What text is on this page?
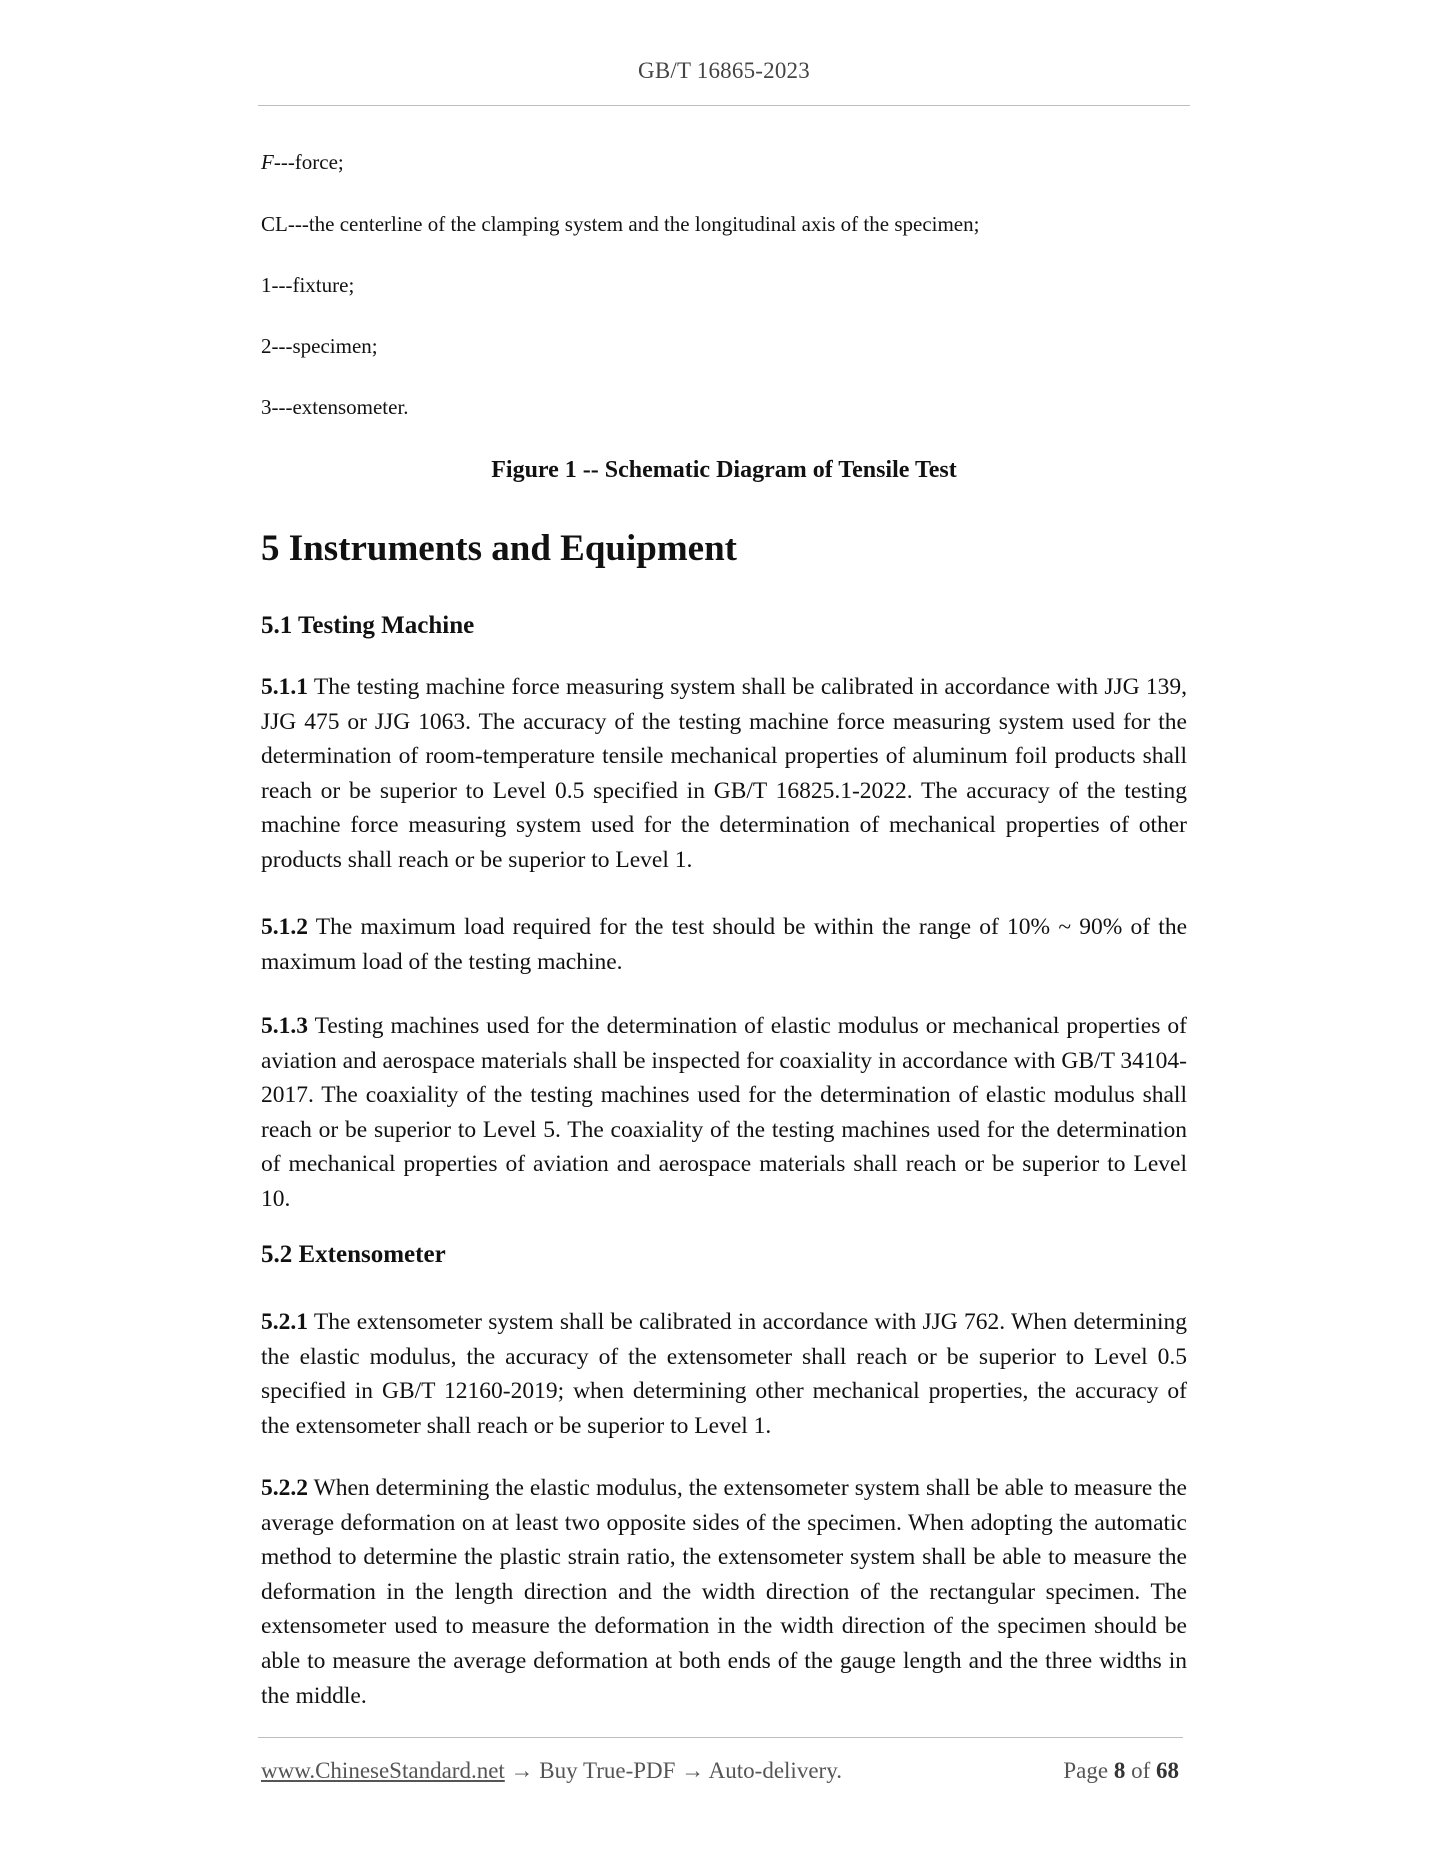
GB/T 16865-2023
F---force;
CL---the centerline of the clamping system and the longitudinal axis of the specimen;
1---fixture;
2---specimen;
3---extensometer.
Figure 1 -- Schematic Diagram of Tensile Test
5 Instruments and Equipment
5.1 Testing Machine
5.1.1 The testing machine force measuring system shall be calibrated in accordance with JJG 139, JJG 475 or JJG 1063. The accuracy of the testing machine force measuring system used for the determination of room-temperature tensile mechanical properties of aluminum foil products shall reach or be superior to Level 0.5 specified in GB/T 16825.1-2022. The accuracy of the testing machine force measuring system used for the determination of mechanical properties of other products shall reach or be superior to Level 1.
5.1.2 The maximum load required for the test should be within the range of 10% ~ 90% of the maximum load of the testing machine.
5.1.3 Testing machines used for the determination of elastic modulus or mechanical properties of aviation and aerospace materials shall be inspected for coaxiality in accordance with GB/T 34104-2017. The coaxiality of the testing machines used for the determination of elastic modulus shall reach or be superior to Level 5. The coaxiality of the testing machines used for the determination of mechanical properties of aviation and aerospace materials shall reach or be superior to Level 10.
5.2 Extensometer
5.2.1 The extensometer system shall be calibrated in accordance with JJG 762. When determining the elastic modulus, the accuracy of the extensometer shall reach or be superior to Level 0.5 specified in GB/T 12160-2019; when determining other mechanical properties, the accuracy of the extensometer shall reach or be superior to Level 1.
5.2.2 When determining the elastic modulus, the extensometer system shall be able to measure the average deformation on at least two opposite sides of the specimen. When adopting the automatic method to determine the plastic strain ratio, the extensometer system shall be able to measure the deformation in the length direction and the width direction of the rectangular specimen. The extensometer used to measure the deformation in the width direction of the specimen should be able to measure the average deformation at both ends of the gauge length and the three widths in the middle.
www.ChineseStandard.net → Buy True-PDF → Auto-delivery.	Page 8 of 68
